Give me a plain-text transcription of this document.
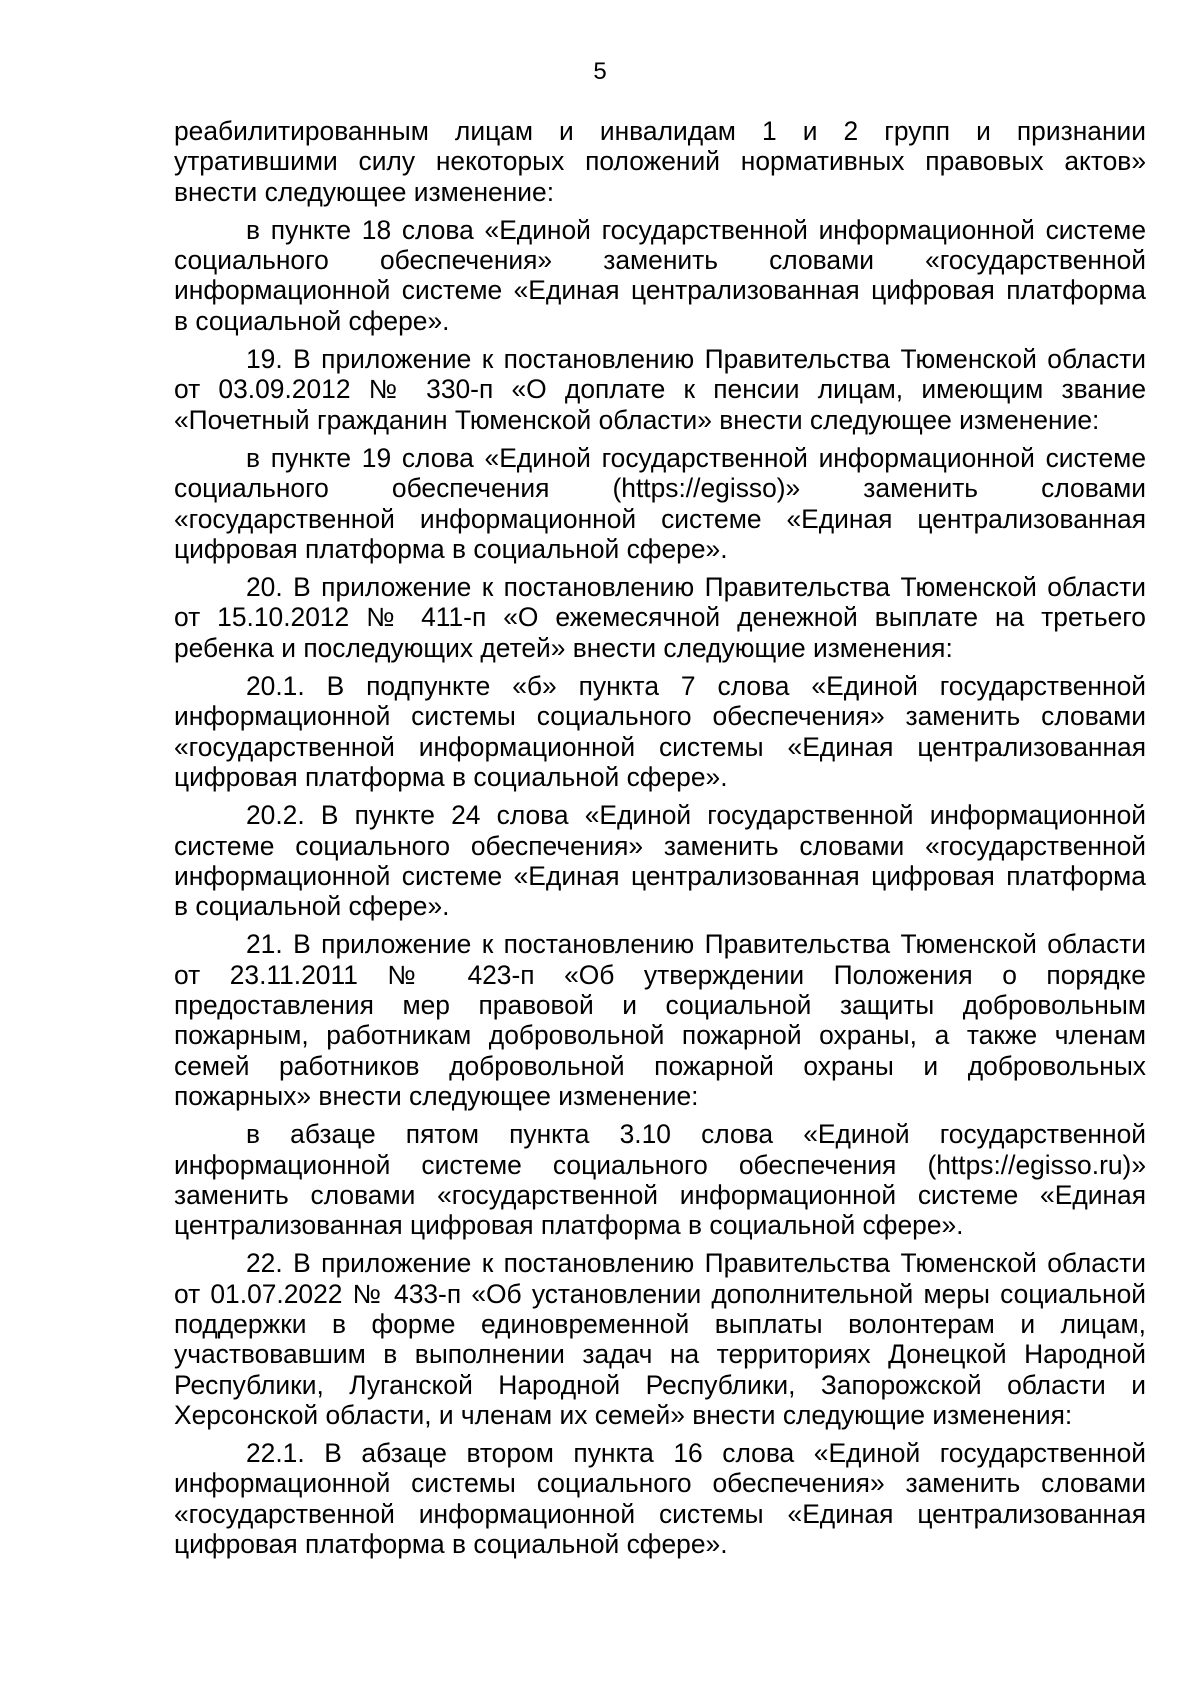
5

реабилитированным лицам и инвалидам 1 и 2 групп и признании утратившими силу некоторых положений нормативных правовых актов» внести следующее изменение:

в пункте 18 слова «Единой государственной информационной системе социального обеспечения» заменить словами «государственной информационной системе «Единая централизованная цифровая платформа в социальной сфере».

19. В приложение к постановлению Правительства Тюменской области от 03.09.2012 № 330-п «О доплате к пенсии лицам, имеющим звание «Почетный гражданин Тюменской области» внести следующее изменение:

в пункте 19 слова «Единой государственной информационной системе социального обеспечения (https://egisso)» заменить словами «государственной информационной системе «Единая централизованная цифровая платформа в социальной сфере».

20. В приложение к постановлению Правительства Тюменской области от 15.10.2012 № 411-п «О ежемесячной денежной выплате на третьего ребенка и последующих детей» внести следующие изменения:

20.1. В подпункте «б» пункта 7 слова «Единой государственной информационной системы социального обеспечения» заменить словами «государственной информационной системы «Единая централизованная цифровая платформа в социальной сфере».

20.2. В пункте 24 слова «Единой государственной информационной системе социального обеспечения» заменить словами «государственной информационной системе «Единая централизованная цифровая платформа в социальной сфере».

21. В приложение к постановлению Правительства Тюменской области от 23.11.2011 № 423-п «Об утверждении Положения о порядке предоставления мер правовой и социальной защиты добровольным пожарным, работникам добровольной пожарной охраны, а также членам семей работников добровольной пожарной охраны и добровольных пожарных» внести следующее изменение:

в абзаце пятом пункта 3.10 слова «Единой государственной информационной системе социального обеспечения (https://egisso.ru)» заменить словами «государственной информационной системе «Единая централизованная цифровая платформа в социальной сфере».

22. В приложение к постановлению Правительства Тюменской области от 01.07.2022 № 433-п «Об установлении дополнительной меры социальной поддержки в форме единовременной выплаты волонтерам и лицам, участвовавшим в выполнении задач на территориях Донецкой Народной Республики, Луганской Народной Республики, Запорожской области и Херсонской области, и членам их семей» внести следующие изменения:

22.1. В абзаце втором пункта 16 слова «Единой государственной информационной системы социального обеспечения» заменить словами «государственной информационной системы «Единая централизованная цифровая платформа в социальной сфере».
